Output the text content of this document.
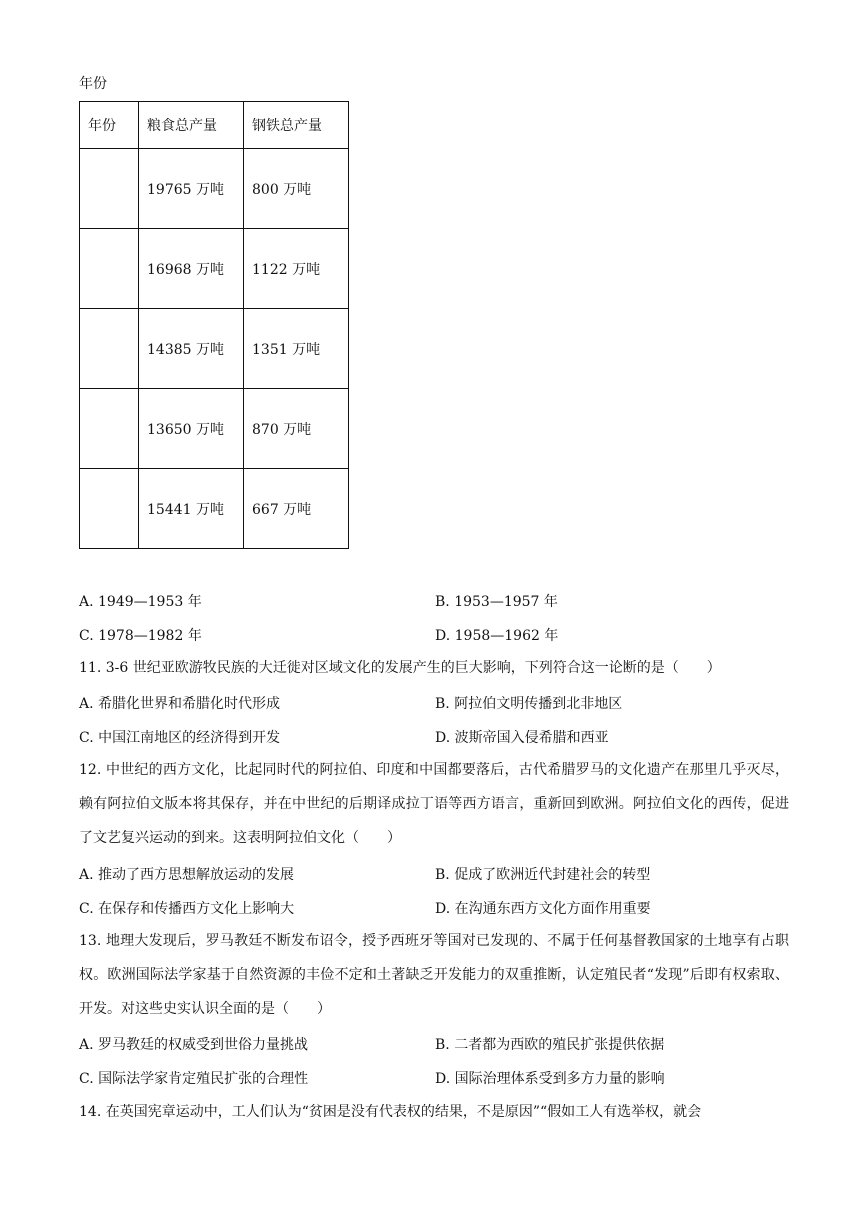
年份
年份	粮食总产量	钢铁总产量
	19765 万吨	800 万吨
	16968 万吨	1122 万吨
	14385 万吨	1351 万吨
	13650 万吨	870 万吨
	15441 万吨	667 万吨
A. 1949—1953 年	B. 1953—1957 年
C. 1978—1982 年	D. 1958—1962 年
11. 3-6 世纪亚欧游牧民族的大迁徙对区域文化的发展产生的巨大影响，下列符合这一论断的是（　　）
A. 希腊化世界和希腊化时代形成	B. 阿拉伯文明传播到北非地区
C. 中国江南地区的经济得到开发	D. 波斯帝国入侵希腊和西亚
12. 中世纪的西方文化，比起同时代的阿拉伯、印度和中国都要落后，古代希腊罗马的文化遗产在那里几乎灭尽，赖有阿拉伯文版本将其保存，并在中世纪的后期译成拉丁语等西方语言，重新回到欧洲。阿拉伯文化的西传，促进了文艺复兴运动的到来。这表明阿拉伯文化（　　）
A. 推动了西方思想解放运动的发展	B. 促成了欧洲近代封建社会的转型
C. 在保存和传播西方文化上影响大	D. 在沟通东西方文化方面作用重要
13. 地理大发现后，罗马教廷不断发布诏令，授予西班牙等国对已发现的、不属于任何基督教国家的土地享有占职权。欧洲国际法学家基于自然资源的丰俭不定和土著缺乏开发能力的双重推断，认定殖民者“发现”后即有权索取、开发。对这些史实认识全面的是（　　）
A. 罗马教廷的权威受到世俗力量挑战	B. 二者都为西欧的殖民扩张提供依据
C. 国际法学家肯定殖民扩张的合理性	D. 国际治理体系受到多方力量的影响
14. 在英国宪章运动中，工人们认为“贫困是没有代表权的结果，不是原因”“假如工人有选举权，就会
